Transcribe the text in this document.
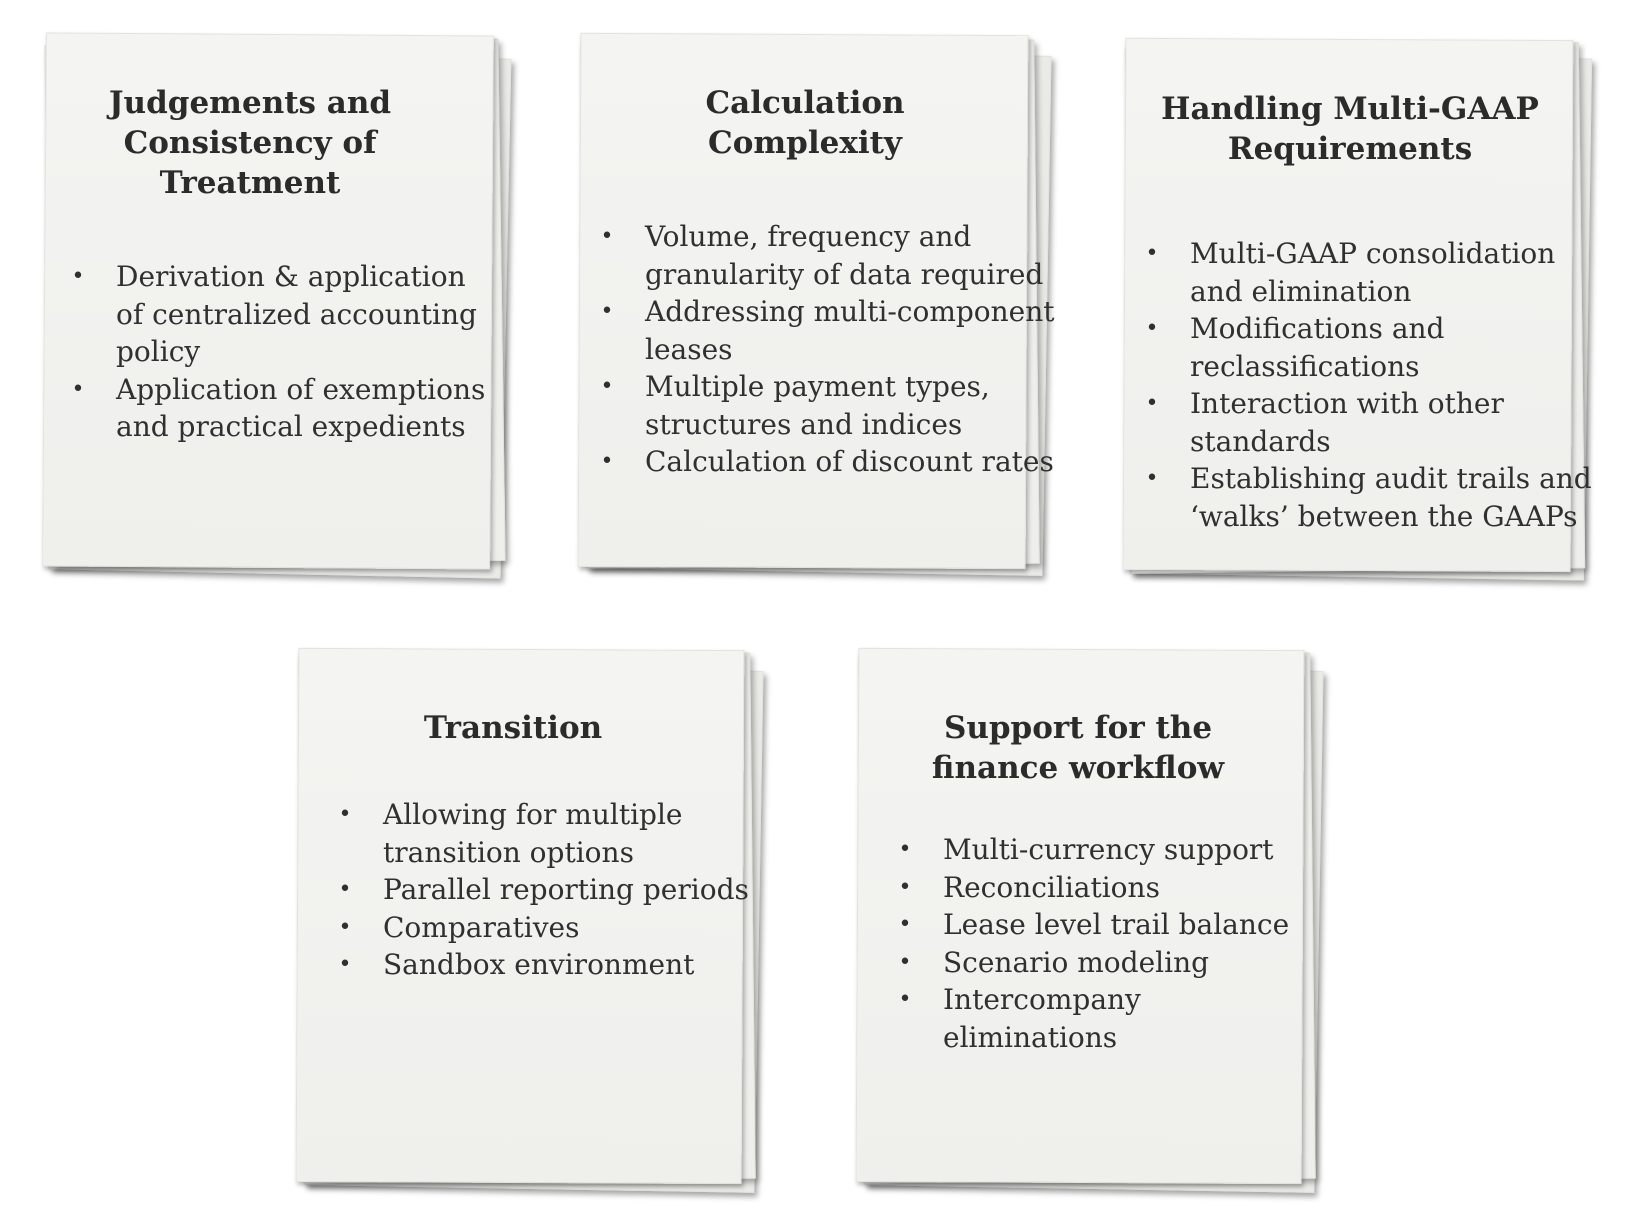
Judgements and Consistency of Treatment
• Derivation & application of centralized accounting policy
• Application of exemptions and practical expedients
Calculation Complexity
• Volume, frequency and granularity of data required
• Addressing multi-component leases
• Multiple payment types, structures and indices
• Calculation of discount rates
Handling Multi-GAAP Requirements
• Multi-GAAP consolidation and elimination
• Modifications and reclassifications
• Interaction with other standards
• Establishing audit trails and ‘walks’ between the GAAPs
Transition
• Allowing for multiple transition options
• Parallel reporting periods
• Comparatives
• Sandbox environment
Support for the finance workflow
• Multi-currency support
• Reconciliations
• Lease level trail balance
• Scenario modeling
• Intercompany eliminations
